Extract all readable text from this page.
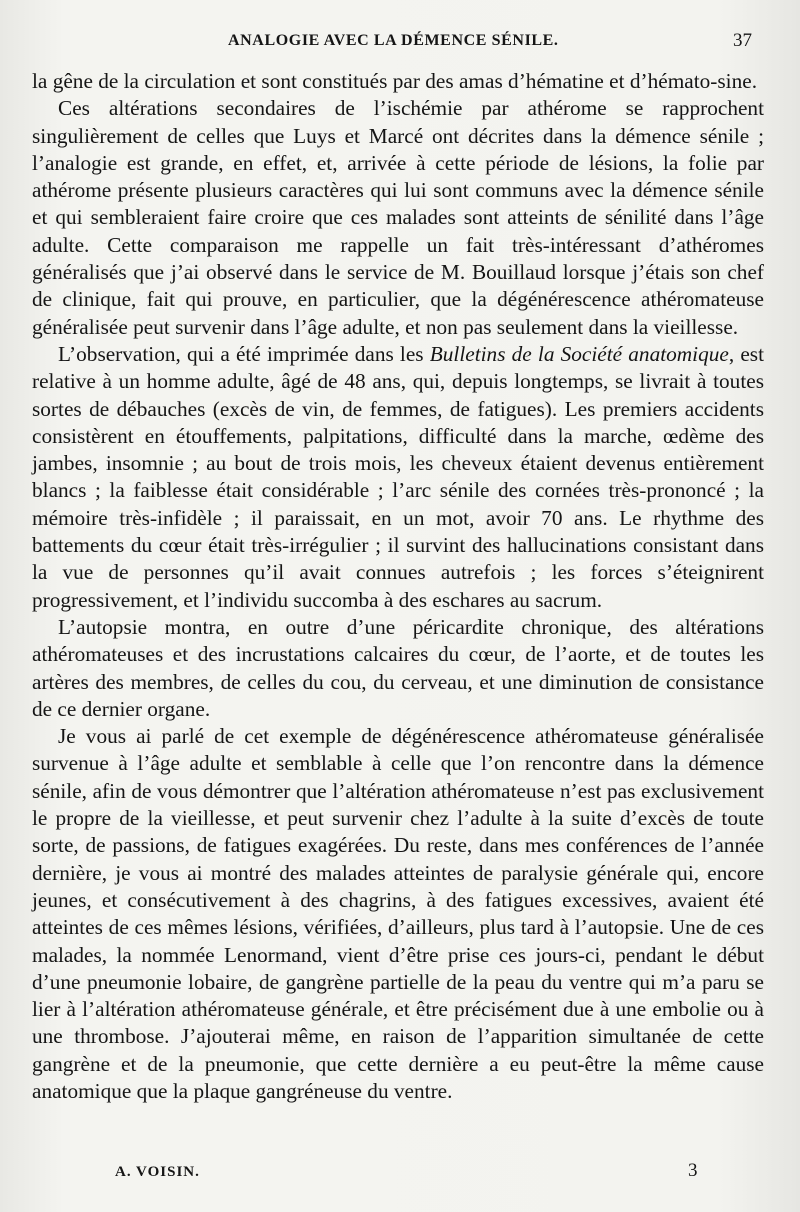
ANALOGIE AVEC LA DÉMENCE SÉNILE.	37

la gêne de la circulation et sont constitués par des amas d’hématine et d’hémato-sine.

Ces altérations secondaires de l’ischémie par athérome se rapprochent singulièrement de celles que Luys et Marcé ont décrites dans la démence sénile ; l’analogie est grande, en effet, et, arrivée à cette période de lésions, la folie par athérome présente plusieurs caractères qui lui sont communs avec la démence sénile et qui sembleraient faire croire que ces malades sont atteints de sénilité dans l’âge adulte. Cette comparaison me rappelle un fait très-intéressant d’athéromes généralisés que j’ai observé dans le service de M. Bouillaud lorsque j’étais son chef de clinique, fait qui prouve, en particulier, que la dégénérescence athéromateuse généralisée peut survenir dans l’âge adulte, et non pas seulement dans la vieillesse.

L’observation, qui a été imprimée dans les Bulletins de la Société anatomique, est relative à un homme adulte, âgé de 48 ans, qui, depuis longtemps, se livrait à toutes sortes de débauches (excès de vin, de femmes, de fatigues). Les premiers accidents consistèrent en étouffements, palpitations, difficulté dans la marche, œdème des jambes, insomnie ; au bout de trois mois, les cheveux étaient devenus entièrement blancs ; la faiblesse était considérable ; l’arc sénile des cornées très-prononcé ; la mémoire très-infidèle ; il paraissait, en un mot, avoir 70 ans. Le rhythme des battements du cœur était très-irrégulier ; il survint des hallucinations consistant dans la vue de personnes qu’il avait connues autrefois ; les forces s’éteignirent progressivement, et l’individu succomba à des eschares au sacrum.

L’autopsie montra, en outre d’une péricardite chronique, des altérations athéromateuses et des incrustations calcaires du cœur, de l’aorte, et de toutes les artères des membres, de celles du cou, du cerveau, et une diminution de consistance de ce dernier organe.

Je vous ai parlé de cet exemple de dégénérescence athéromateuse généralisée survenue à l’âge adulte et semblable à celle que l’on rencontre dans la démence sénile, afin de vous démontrer que l’altération athéromateuse n’est pas exclusivement le propre de la vieillesse, et peut survenir chez l’adulte à la suite d’excès de toute sorte, de passions, de fatigues exagérées. Du reste, dans mes conférences de l’année dernière, je vous ai montré des malades atteintes de paralysie générale qui, encore jeunes, et consécutivement à des chagrins, à des fatigues excessives, avaient été atteintes de ces mêmes lésions, vérifiées, d’ailleurs, plus tard à l’autopsie. Une de ces malades, la nommée Lenormand, vient d’être prise ces jours-ci, pendant le début d’une pneumonie lobaire, de gangrène partielle de la peau du ventre qui m’a paru se lier à l’altération athéromateuse générale, et être précisément due à une embolie ou à une thrombose. J’ajouterai même, en raison de l’apparition simultanée de cette gangrène et de la pneumonie, que cette dernière a eu peut-être la même cause anatomique que la plaque gangréneuse du ventre.

A. VOISIN.	3
